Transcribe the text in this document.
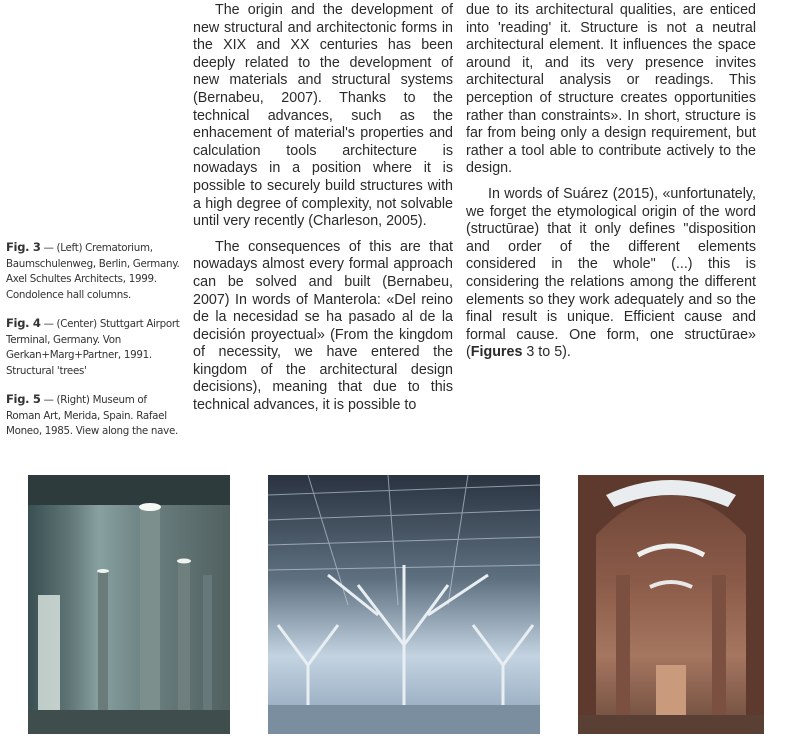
The origin and the development of new structural and architectonic forms in the XIX and XX centuries has been deeply related to the development of new materials and structural systems (Bernabeu, 2007). Thanks to the technical advances, such as the enhacement of material's properties and calculation tools architecture is nowadays in a position where it is possible to securely build structures with a high degree of complexity, not solvable until very recently (Charleson, 2005).

The consequences of this are that nowadays almost every formal approach can be solved and built (Bernabeu, 2007) In words of Manterola: «Del reino de la necesidad se ha pasado al de la decisión proyectual» (From the kingdom of necessity, we have entered the kingdom of the architectural design decisions), meaning that due to this technical advances, it is possible to

due to its architectural qualities, are enticed into 'reading' it. Structure is not a neutral architectural element. It influences the space around it, and its very presence invites architectural analysis or readings. This perception of structure creates opportunities rather than constraints». In short, structure is far from being only a design requirement, but rather a tool able to contribute actively to the design.

In words of Suárez (2015), «unfortunately, we forget the etymological origin of the word (structūrae) that it only defines "disposition and order of the different elements considered in the whole" (...) this is considering the relations among the different elements so they work adequately and so the final result is unique. Efficient cause and formal cause. One form, one structūrae» (Figures 3 to 5).

Fig. 3 — (Left) Crematorium, Baumschulenweg, Berlin, Germany. Axel Schultes Architects, 1999. Condolence hall columns.

Fig. 4 — (Center) Stuttgart Airport Terminal, Germany. Von Gerkan+Marg+Partner, 1991. Structural 'trees'

Fig. 5 — (Right) Museum of Roman Art, Merida, Spain. Rafael Moneo, 1985. View along the nave.
